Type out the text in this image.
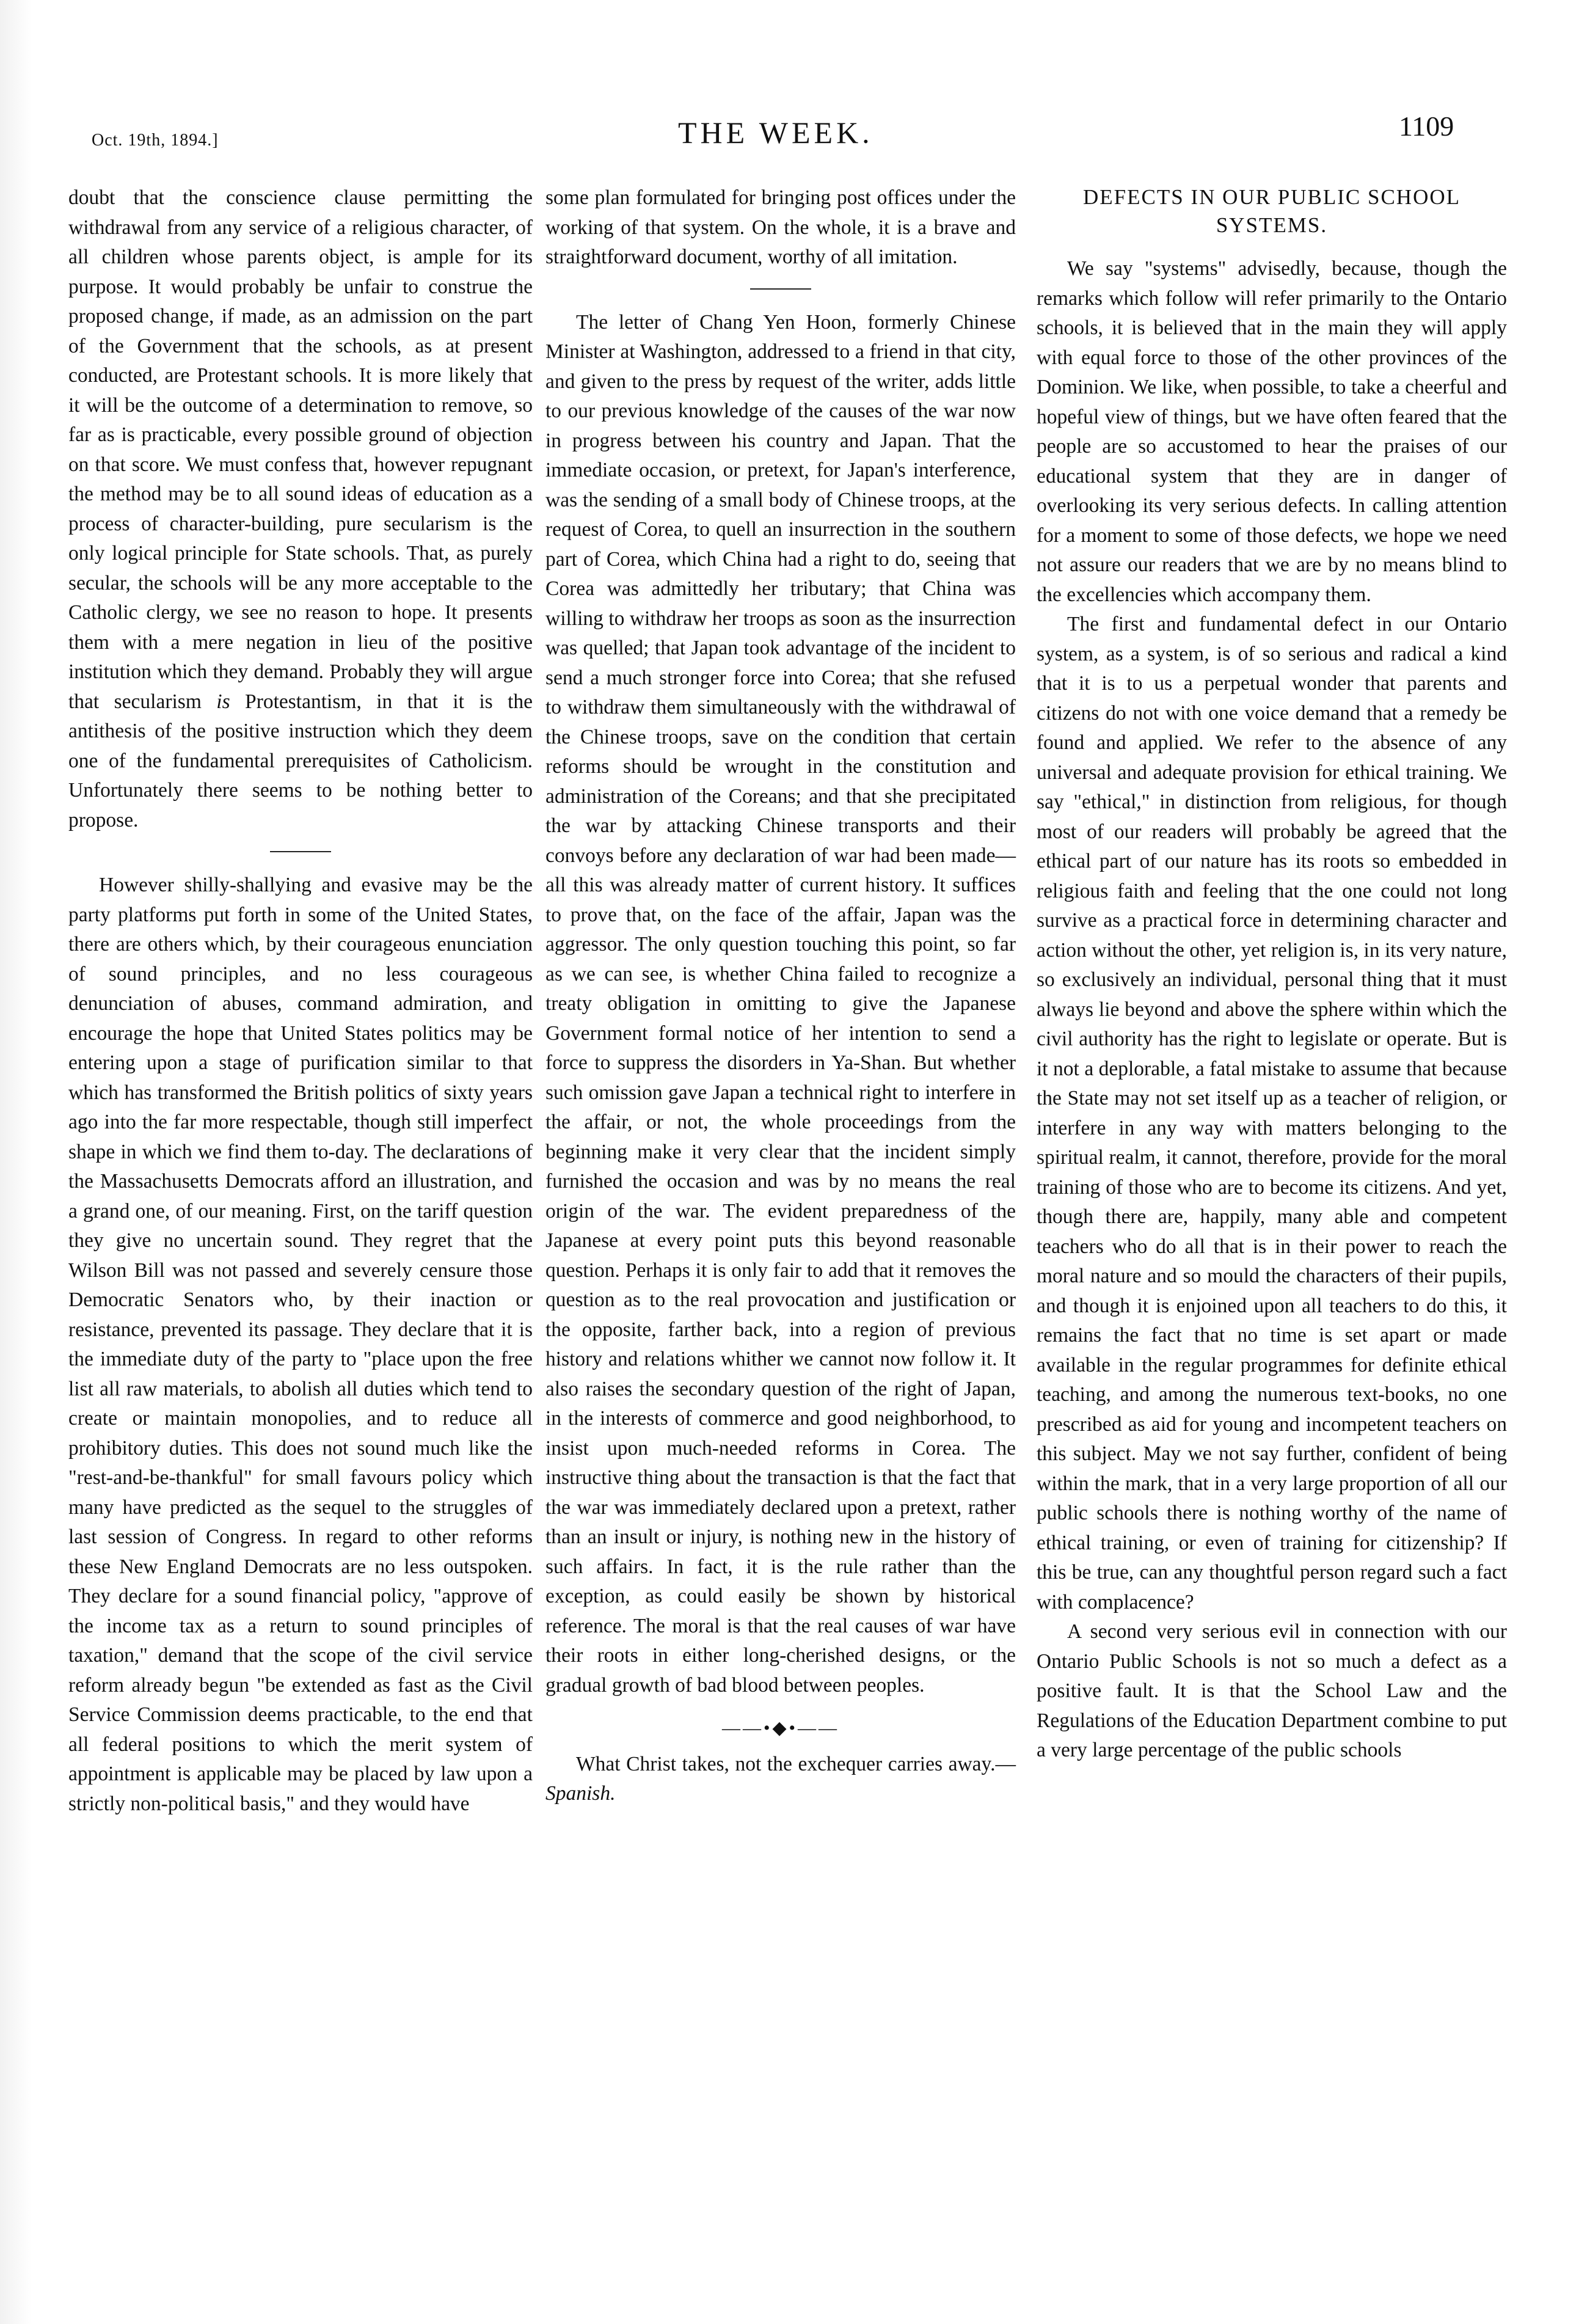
Oct. 19th, 1894.]	THE WEEK.	1109

doubt that the conscience clause permitting the withdrawal from any service of a religious character, of all children whose parents object, is ample for its purpose. It would probably be unfair to construe the proposed change, if made, as an admission on the part of the Government that the schools, as at present conducted, are Protestant schools. It is more likely that it will be the outcome of a determination to remove, so far as is practicable, every possible ground of objection on that score. We must confess that, however repugnant the method may be to all sound ideas of education as a process of character-building, pure secularism is the only logical principle for State schools. That, as purely secular, the schools will be any more acceptable to the Catholic clergy, we see no reason to hope. It presents them with a mere negation in lieu of the positive institution which they demand. Probably they will argue that secularism is Protestantism, in that it is the antithesis of the positive instruction which they deem one of the fundamental prerequisites of Catholicism. Unfortunately there seems to be nothing better to propose.

However shilly-shallying and evasive may be the party platforms put forth in some of the United States, there are others which, by their courageous enunciation of sound principles, and no less courageous denunciation of abuses, command admiration, and encourage the hope that United States politics may be entering upon a stage of purification similar to that which has transformed the British politics of sixty years ago into the far more respectable, though still imperfect shape in which we find them to-day. The declarations of the Massachusetts Democrats afford an illustration, and a grand one, of our meaning. First, on the tariff question they give no uncertain sound. They regret that the Wilson Bill was not passed and severely censure those Democratic Senators who, by their inaction or resistance, prevented its passage. They declare that it is the immediate duty of the party to "place upon the free list all raw materials, to abolish all duties which tend to create or maintain monopolies, and to reduce all prohibitory duties. This does not sound much like the "rest-and-be-thankful" for small favours policy which many have predicted as the sequel to the struggles of last session of Congress. In regard to other reforms these New England Democrats are no less outspoken. They declare for a sound financial policy, "approve of the income tax as a return to sound principles of taxation," demand that the scope of the civil service reform already begun "be extended as fast as the Civil Service Commission deems practicable, to the end that all federal positions to which the merit system of appointment is applicable may be placed by law upon a strictly non-political basis," and they would have

some plan formulated for bringing post offices under the working of that system. On the whole, it is a brave and straightforward document, worthy of all imitation.

The letter of Chang Yen Hoon, formerly Chinese Minister at Washington, addressed to a friend in that city, and given to the press by request of the writer, adds little to our previous knowledge of the causes of the war now in progress between his country and Japan. That the immediate occasion, or pretext, for Japan's interference, was the sending of a small body of Chinese troops, at the request of Corea, to quell an insurrection in the southern part of Corea, which China had a right to do, seeing that Corea was admittedly her tributary; that China was willing to withdraw her troops as soon as the insurrection was quelled; that Japan took advantage of the incident to send a much stronger force into Corea; that she refused to withdraw them simultaneously with the withdrawal of the Chinese troops, save on the condition that certain reforms should be wrought in the constitution and administration of the Coreans; and that she precipitated the war by attacking Chinese transports and their convoys before any declaration of war had been made—all this was already matter of current history. It suffices to prove that, on the face of the affair, Japan was the aggressor. The only question touching this point, so far as we can see, is whether China failed to recognize a treaty obligation in omitting to give the Japanese Government formal notice of her intention to send a force to suppress the disorders in Ya-Shan. But whether such omission gave Japan a technical right to interfere in the affair, or not, the whole proceedings from the beginning make it very clear that the incident simply furnished the occasion and was by no means the real origin of the war. The evident preparedness of the Japanese at every point puts this beyond reasonable question. Perhaps it is only fair to add that it removes the question as to the real provocation and justification or the opposite, farther back, into a region of previous history and relations whither we cannot now follow it. It also raises the secondary question of the right of Japan, in the interests of commerce and good neighborhood, to insist upon much-needed reforms in Corea. The instructive thing about the transaction is that the fact that the war was immediately declared upon a pretext, rather than an insult or injury, is nothing new in the history of such affairs. In fact, it is the rule rather than the exception, as could easily be shown by historical reference. The moral is that the real causes of war have their roots in either long-cherished designs, or the gradual growth of bad blood between peoples.

——•◆•——

What Christ takes, not the exchequer carries away.—Spanish.

DEFECTS IN OUR PUBLIC SCHOOL SYSTEMS.

We say "systems" advisedly, because, though the remarks which follow will refer primarily to the Ontario schools, it is believed that in the main they will apply with equal force to those of the other provinces of the Dominion. We like, when possible, to take a cheerful and hopeful view of things, but we have often feared that the people are so accustomed to hear the praises of our educational system that they are in danger of overlooking its very serious defects. In calling attention for a moment to some of those defects, we hope we need not assure our readers that we are by no means blind to the excellencies which accompany them.

The first and fundamental defect in our Ontario system, as a system, is of so serious and radical a kind that it is to us a perpetual wonder that parents and citizens do not with one voice demand that a remedy be found and applied. We refer to the absence of any universal and adequate provision for ethical training. We say "ethical," in distinction from religious, for though most of our readers will probably be agreed that the ethical part of our nature has its roots so embedded in religious faith and feeling that the one could not long survive as a practical force in determining character and action without the other, yet religion is, in its very nature, so exclusively an individual, personal thing that it must always lie beyond and above the sphere within which the civil authority has the right to legislate or operate. But is it not a deplorable, a fatal mistake to assume that because the State may not set itself up as a teacher of religion, or interfere in any way with matters belonging to the spiritual realm, it cannot, therefore, provide for the moral training of those who are to become its citizens. And yet, though there are, happily, many able and competent teachers who do all that is in their power to reach the moral nature and so mould the characters of their pupils, and though it is enjoined upon all teachers to do this, it remains the fact that no time is set apart or made available in the regular programmes for definite ethical teaching, and among the numerous text-books, no one prescribed as aid for young and incompetent teachers on this subject. May we not say further, confident of being within the mark, that in a very large proportion of all our public schools there is nothing worthy of the name of ethical training, or even of training for citizenship? If this be true, can any thoughtful person regard such a fact with complacence?

A second very serious evil in connection with our Ontario Public Schools is not so much a defect as a positive fault. It is that the School Law and the Regulations of the Education Department combine to put a very large percentage of the public schools
